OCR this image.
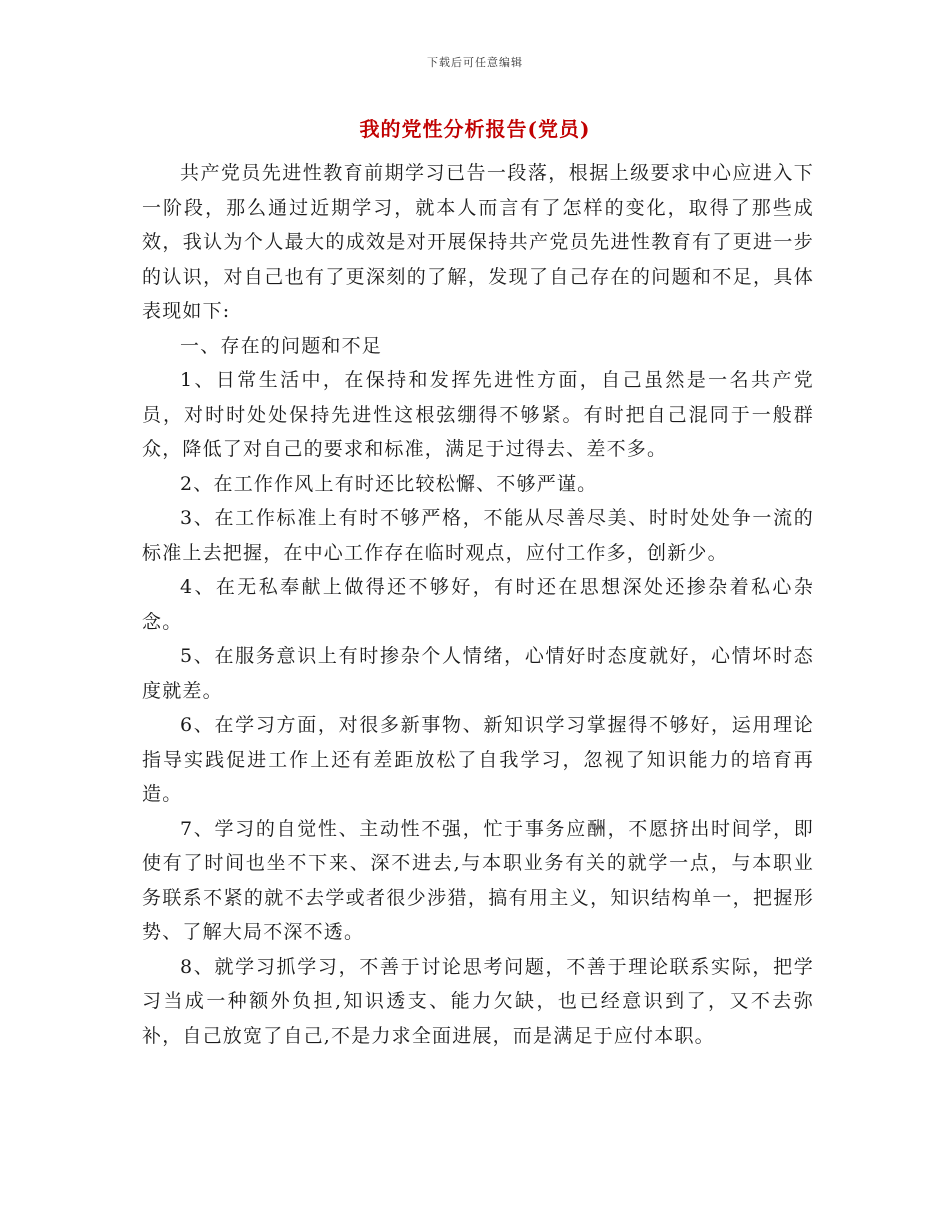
下载后可任意编辑
我的党性分析报告(党员)

共产党员先进性教育前期学习已告一段落，根据上级要求中心应进入下一阶段，那么通过近期学习，就本人而言有了怎样的变化，取得了那些成效，我认为个人最大的成效是对开展保持共产党员先进性教育有了更进一步的认识，对自己也有了更深刻的了解，发现了自己存在的问题和不足，具体表现如下:

一、存在的问题和不足

1、日常生活中，在保持和发挥先进性方面，自己虽然是一名共产党员，对时时处处保持先进性这根弦绷得不够紧。有时把自己混同于一般群众，降低了对自己的要求和标准，满足于过得去、差不多。

2、在工作作风上有时还比较松懈、不够严谨。

3、在工作标准上有时不够严格，不能从尽善尽美、时时处处争一流的标准上去把握，在中心工作存在临时观点，应付工作多，创新少。

4、在无私奉献上做得还不够好，有时还在思想深处还掺杂着私心杂念。

5、在服务意识上有时掺杂个人情绪，心情好时态度就好，心情坏时态度就差。

6、在学习方面，对很多新事物、新知识学习掌握得不够好，运用理论指导实践促进工作上还有差距放松了自我学习，忽视了知识能力的培育再造。

7、学习的自觉性、主动性不强，忙于事务应酬，不愿挤出时间学，即使有了时间也坐不下来、深不进去,与本职业务有关的就学一点，与本职业务联系不紧的就不去学或者很少涉猎，搞有用主义，知识结构单一，把握形势、了解大局不深不透。

8、就学习抓学习，不善于讨论思考问题，不善于理论联系实际，把学习当成一种额外负担,知识透支、能力欠缺，也已经意识到了，又不去弥补，自己放宽了自己,不是力求全面进展，而是满足于应付本职。
